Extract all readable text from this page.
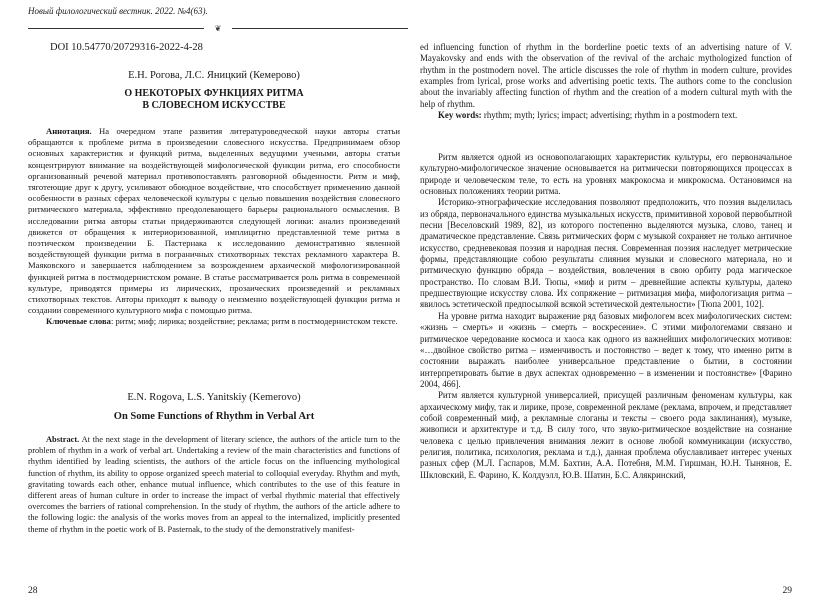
Новый филологический вестник. 2022. №4(63).
❦
DOI 10.54770/20729316-2022-4-28
Е.Н. Рогова, Л.С. Яницкий (Кемерово)
О НЕКОТОРЫХ ФУНКЦИЯХ РИТМА
В СЛОВЕСНОМ ИСКУССТВЕ

Аннотация. На очередном этапе развития литературоведческой науки авторы статьи обращаются к проблеме ритма в произведении словесного искусства. Предпринимаем обзор основных характеристик и функций ритма, выделенных ведущими учеными, авторы статьи концентрируют внимание на воздействующей мифологической функции ритма, его способности организованный речевой материал противопоставлять разговорной обыденности. Ритм и миф, тяготеющие друг к другу, усиливают обоюдное воздействие, что способствует применению данной особенности в разных сферах человеческой культуры с целью повышения воздействия словесного ритмического материала, эффективно преодолевающего барьеры рационального осмысления. В исследовании ритма авторы статьи придерживаются следующей логики: анализ произведений движется от обращения к интериоризованной, имплицитно представленной теме ритма в поэтическом произведении Б. Пастернака к исследованию демонстративно явленной воздействующей функции ритма в пограничных стихотворных текстах рекламного характера В. Маяковского и завершается наблюдением за возрождением архаической мифологизированной функцией ритма в постмодернистском романе. В статье рассматривается роль ритма в современной культуре, приводятся примеры из лирических, прозаических произведений и рекламных стихотворных текстов. Авторы приходят к выводу о неизменно воздействующей функции ритма и создании современного культурного мифа с помощью ритма.

Ключевые слова: ритм; миф; лирика; воздействие; реклама; ритм в постмодернистском тексте.

E.N. Rogova, L.S. Yanitskiy (Kemerovo)
On Some Functions of Rhythm in Verbal Art

Abstract. At the next stage in the development of literary science, the authors of the article turn to the problem of rhythm in a work of verbal art. Undertaking a review of the main characteristics and functions of rhythm identified by leading scientists, the authors of the article focus on the influencing mythological function of rhythm, its ability to oppose organized speech material to colloquial everyday. Rhythm and myth, gravitating towards each other, enhance mutual influence, which contributes to the use of this feature in different areas of human culture in order to increase the impact of verbal rhythmic material that effectively overcomes the barriers of rational comprehension. In the study of rhythm, the authors of the article adhere to the following logic: the analysis of the works moves from an appeal to the internalized, implicitly presented theme of rhythm in the poetic work of B. Pasternak, to the study of the demonstratively manifest-

28

ed influencing function of rhythm in the borderline poetic texts of an advertising nature of V. Mayakovsky and ends with the observation of the revival of the archaic mythologized function of rhythm in the postmodern novel. The article discusses the role of rhythm in modern culture, provides examples from lyrical, prose works and advertising poetic texts. The authors come to the conclusion about the invariably affecting function of rhythm and the creation of a modern cultural myth with the help of rhythm.

Key words: rhythm; myth; lyrics; impact; advertising; rhythm in a postmodern text.

Ритм является одной из основополагающих характеристик культуры, его первоначальное культурно-мифологическое значение основывается на ритмически повторяющихся процессах в природе и человеческом теле, то есть на уровнях макрокосма и микрокосма. Остановимся на основных положениях теории ритма.

Историко-этнографические исследования позволяют предположить, что поэзия выделилась из обряда, первоначального единства музыкальных искусств, примитивной хоровой первобытной песни [Веселовский 1989, 82], из которого постепенно выделяются музыка, слово, танец и драматическое представление. Связь ритмических форм с музыкой сохраняет не только античное искусство, средневековая поэзия и народная песня. Современная поэзия наследует метрические формы, представляющие собою результаты слияния музыки и словесного материала, но и ритмическую функцию обряда – воздействия, вовлечения в свою орбиту рода магическое пространство. По словам В.И. Тюпы, «миф и ритм – древнейшие аспекты культуры, далеко предшествующие искусству слова. Их сопряжение – ритмизация мифа, мифологизация ритма – явилось эстетической предпосылкой всякой эстетической деятельности» [Тюпа 2001, 102].

На уровне ритма находит выражение ряд базовых мифологем всех мифологических систем: «жизнь – смерть» и «жизнь – смерть – воскресение». С этими мифологемами связано и ритмическое чередование космоса и хаоса как одного из важнейших мифологических мотивов: «…двойное свойство ритма – изменчивость и постоянство – ведет к тому, что именно ритм в состоянии выражать наиболее универсальное представление о бытии, в состоянии интерпретировать бытие в двух аспектах одновременно – в изменении и постоянстве» [Фарино 2004, 466].

Ритм является культурной универсалией, присущей различным феноменам культуры, как архаическому мифу, так и лирике, прозе, современной рекламе (реклама, впрочем, и представляет собой современный миф, а рекламные слоганы и тексты – своего рода заклинания), музыке, живописи и архитектуре и т.д. В силу того, что звуко-ритмическое воздействие на сознание человека с целью привлечения внимания лежит в основе любой коммуникации (искусство, религия, политика, психология, реклама и т.д.), данная проблема обуславливает интерес ученых разных сфер (М.Л. Гаспаров, М.М. Бахтин, А.А. Потебня, М.М. Гиршман, Ю.Н. Тынянов, Е. Шкловский, Е. Фарино, К. Колдуэлл, Ю.В. Шатин, Б.С. Алякринский,

29
